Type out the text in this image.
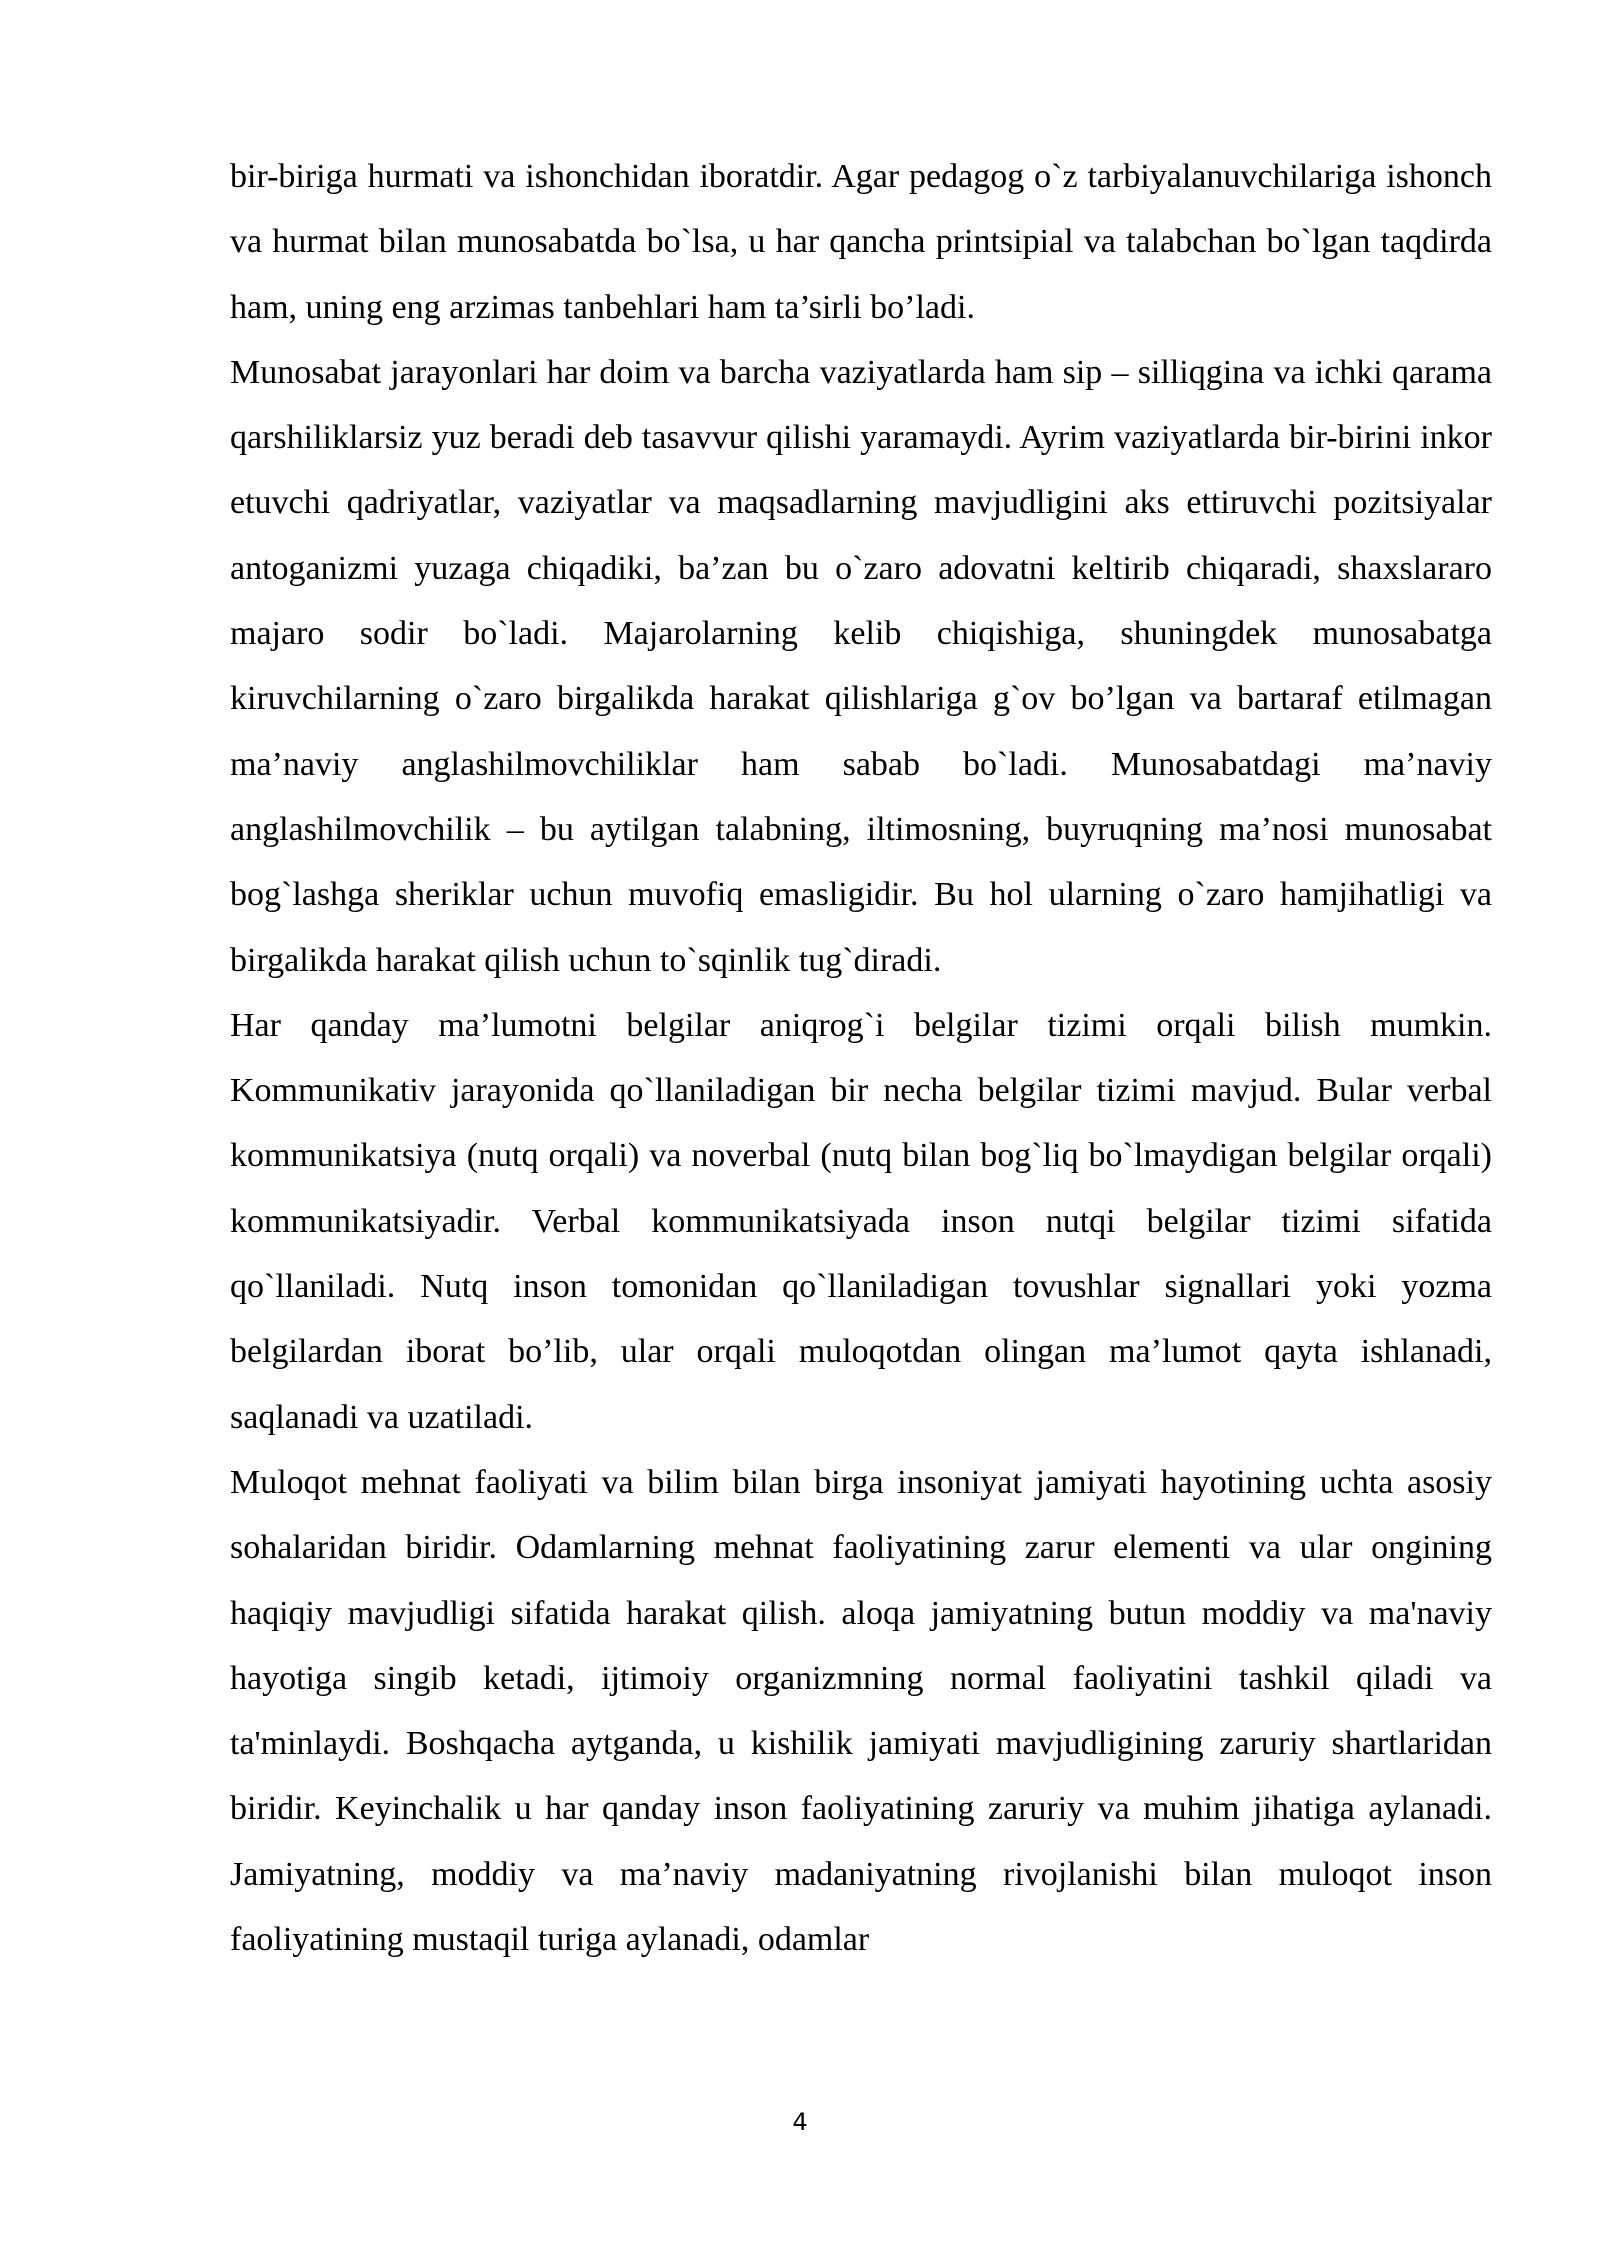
bir-biriga hurmati va ishonchidan iboratdir. Agar pedagog o`z tarbiyalanuvchilariga ishonch va hurmat bilan munosabatda bo`lsa, u har qancha printsipial va talabchan bo`lgan taqdirda ham, uning eng arzimas tanbehlari ham ta’sirli bo’ladi.

Munosabat jarayonlari har doim va barcha vaziyatlarda ham sip – silliqgina va ichki qarama qarshiliklarsiz yuz beradi deb tasavvur qilishi yaramaydi. Ayrim vaziyatlarda bir-birini inkor etuvchi qadriyatlar, vaziyatlar va maqsadlarning mavjudligini aks ettiruvchi pozitsiyalar antoganizmi yuzaga chiqadiki, ba’zan bu o`zaro adovatni keltirib chiqaradi, shaxslararo majaro sodir bo`ladi. Majarolarning kelib chiqishiga, shuningdek munosabatga kiruvchilarning o`zaro birgalikda harakat qilishlariga g`ov bo’lgan va bartaraf etilmagan ma’naviy anglashilmovchiliklar ham sabab bo`ladi. Munosabatdagi ma’naviy anglashilmovchilik – bu aytilgan talabning, iltimosning, buyruqning ma’nosi munosabat bog`lashga sheriklar uchun muvofiq emasligidir. Bu hol ularning o`zaro hamjihatligi va birgalikda harakat qilish uchun to`sqinlik tug`diradi.

Har qanday ma’lumotni belgilar aniqrog`i belgilar tizimi orqali bilish mumkin. Kommunikativ jarayonida qo`llaniladigan bir necha belgilar tizimi mavjud. Bular verbal kommunikatsiya (nutq orqali) va noverbal (nutq bilan bog`liq bo`lmaydigan belgilar orqali) kommunikatsiyadir. Verbal kommunikatsiyada inson nutqi belgilar tizimi sifatida qo`llaniladi. Nutq inson tomonidan qo`llaniladigan tovushlar signallari yoki yozma belgilardan iborat bo’lib, ular orqali muloqotdan olingan ma’lumot qayta ishlanadi, saqlanadi va uzatiladi.

Muloqot mehnat faoliyati va bilim bilan birga insoniyat jamiyati hayotining uchta asosiy sohalaridan biridir. Odamlarning mehnat faoliyatining zarur elementi va ular ongining haqiqiy mavjudligi sifatida harakat qilish. aloqa jamiyatning butun moddiy va ma'naviy hayotiga singib ketadi, ijtimoiy organizmning normal faoliyatini tashkil qiladi va ta'minlaydi. Boshqacha aytganda, u kishilik jamiyati mavjudligining zaruriy shartlaridan biridir. Keyinchalik u har qanday inson faoliyatining zaruriy va muhim jihatiga aylanadi. Jamiyatning, moddiy va ma’naviy madaniyatning rivojlanishi bilan muloqot inson faoliyatining mustaqil turiga aylanadi, odamlar

4
